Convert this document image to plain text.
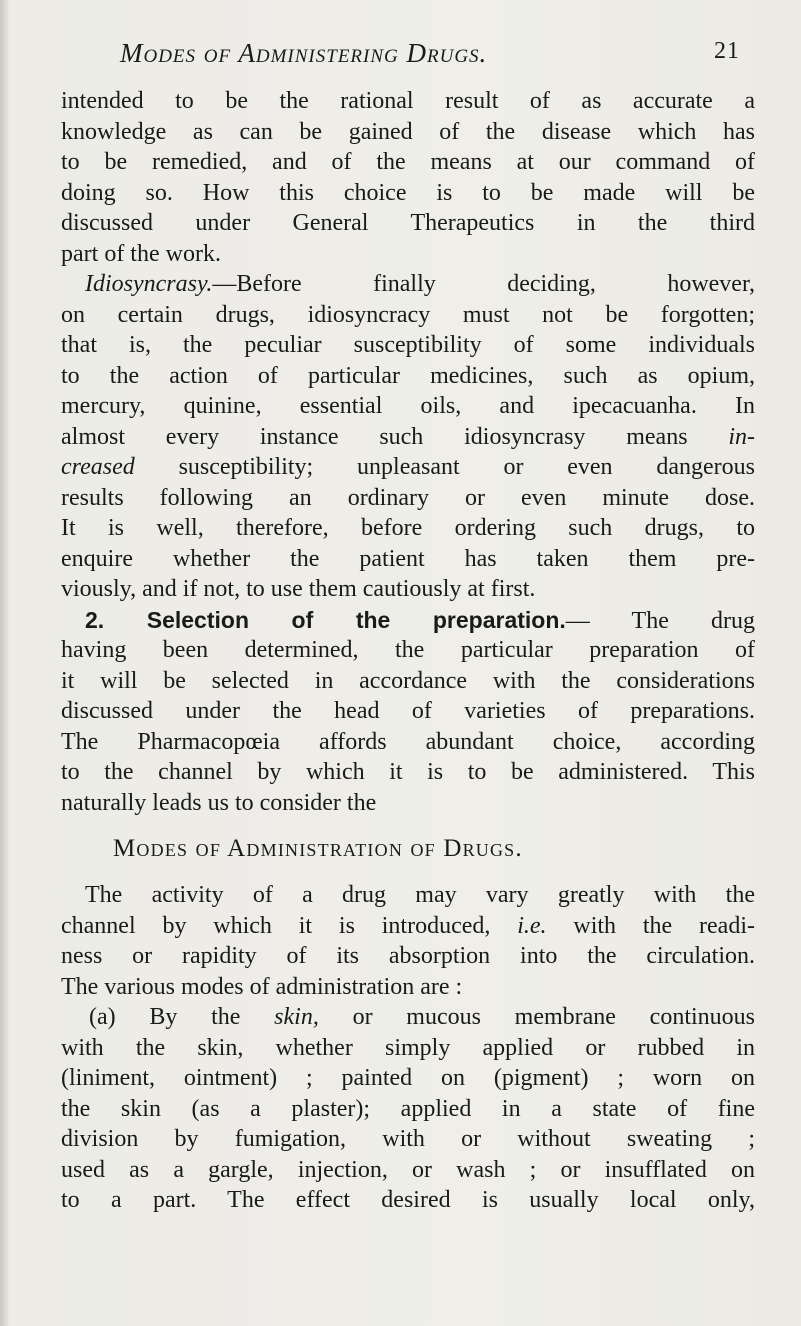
Modes of Administering Drugs.	21
intended to be the rational result of as accurate a
knowledge as can be gained of the disease which has
to be remedied, and of the means at our command of
doing so. How this choice is to be made will be
discussed under General Therapeutics in the third
part of the work.
Idiosyncrasy.—Before finally deciding, however,
on certain drugs, idiosyncracy must not be forgotten;
that is, the peculiar susceptibility of some individuals
to the action of particular medicines, such as opium,
mercury, quinine, essential oils, and ipecacuanha. In
almost every instance such idiosyncrasy means in-
creased susceptibility; unpleasant or even dangerous
results following an ordinary or even minute dose.
It is well, therefore, before ordering such drugs, to
enquire whether the patient has taken them pre-
viously, and if not, to use them cautiously at first.
2. Selection of the preparation.— The drug
having been determined, the particular preparation of
it will be selected in accordance with the considerations
discussed under the head of varieties of preparations.
The Pharmacopœia affords abundant choice, according
to the channel by which it is to be administered. This
naturally leads us to consider the
Modes of Administration of Drugs.
The activity of a drug may vary greatly with the
channel by which it is introduced, i.e. with the readi-
ness or rapidity of its absorption into the circulation.
The various modes of administration are :
(a) By the skin, or mucous membrane continuous
with the skin, whether simply applied or rubbed in
(liniment, ointment) ; painted on (pigment) ; worn on
the skin (as a plaster); applied in a state of fine
division by fumigation, with or without sweating ;
used as a gargle, injection, or wash ; or insufflated on
to a part. The effect desired is usually local only,
